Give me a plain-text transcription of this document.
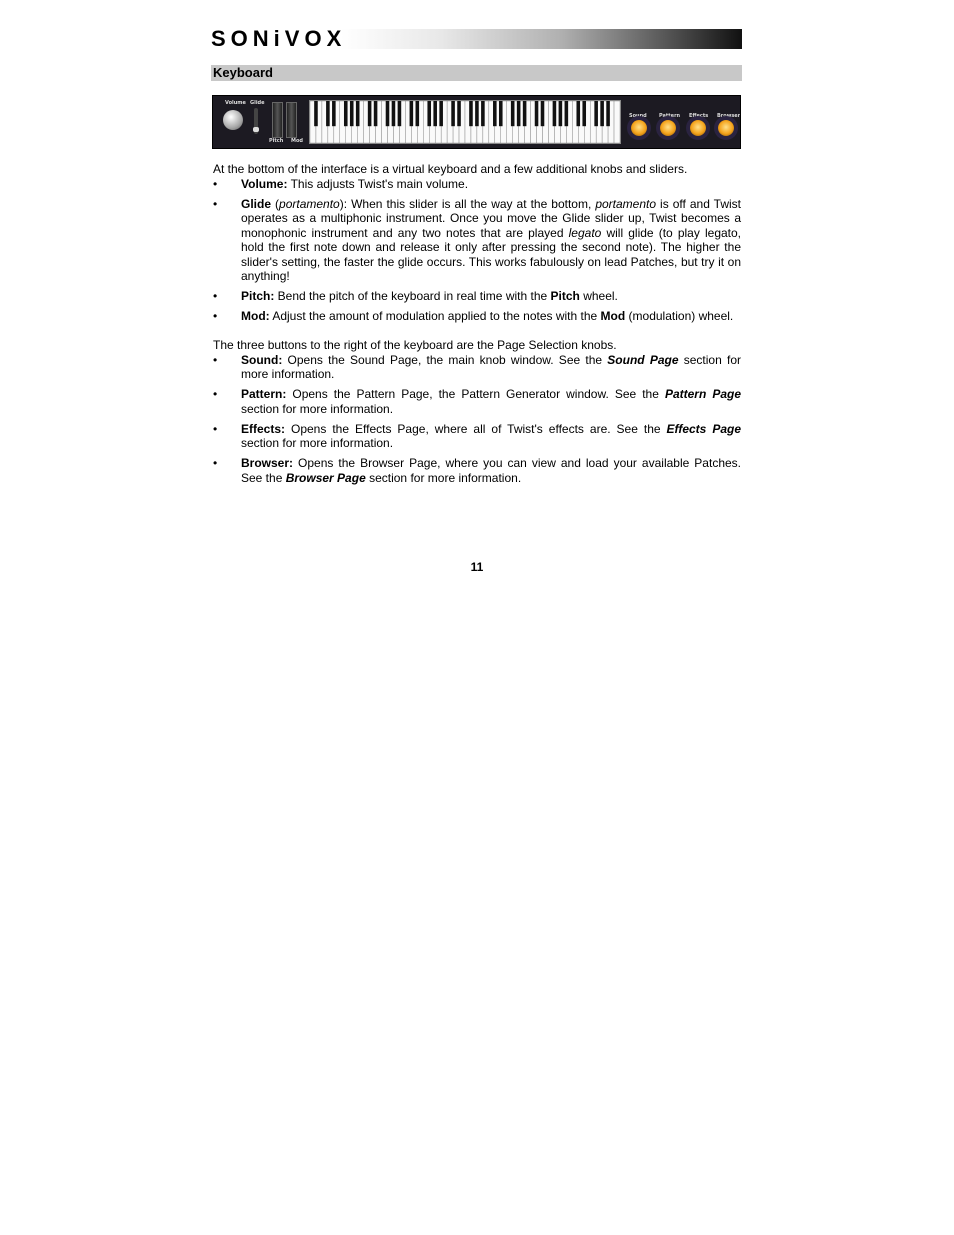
SONiVOX
Keyboard
Volume Glide
Pitch Mod
Sound Pattern Effects Browser

At the bottom of the interface is a virtual keyboard and a few additional knobs and sliders.

• Volume: This adjusts Twist's main volume.
• Glide (portamento): When this slider is all the way at the bottom, portamento is off and Twist operates as a multiphonic instrument. Once you move the Glide slider up, Twist becomes a monophonic instrument and any two notes that are played legato will glide (to play legato, hold the first note down and release it only after pressing the second note). The higher the slider's setting, the faster the glide occurs. This works fabulously on lead Patches, but try it on anything!
• Pitch: Bend the pitch of the keyboard in real time with the Pitch wheel.
• Mod: Adjust the amount of modulation applied to the notes with the Mod (modulation) wheel.

The three buttons to the right of the keyboard are the Page Selection knobs.

• Sound: Opens the Sound Page, the main knob window. See the Sound Page section for more information.
• Pattern: Opens the Pattern Page, the Pattern Generator window. See the Pattern Page section for more information.
• Effects: Opens the Effects Page, where all of Twist's effects are. See the Effects Page section for more information.
• Browser: Opens the Browser Page, where you can view and load your available Patches. See the Browser Page section for more information.
11
